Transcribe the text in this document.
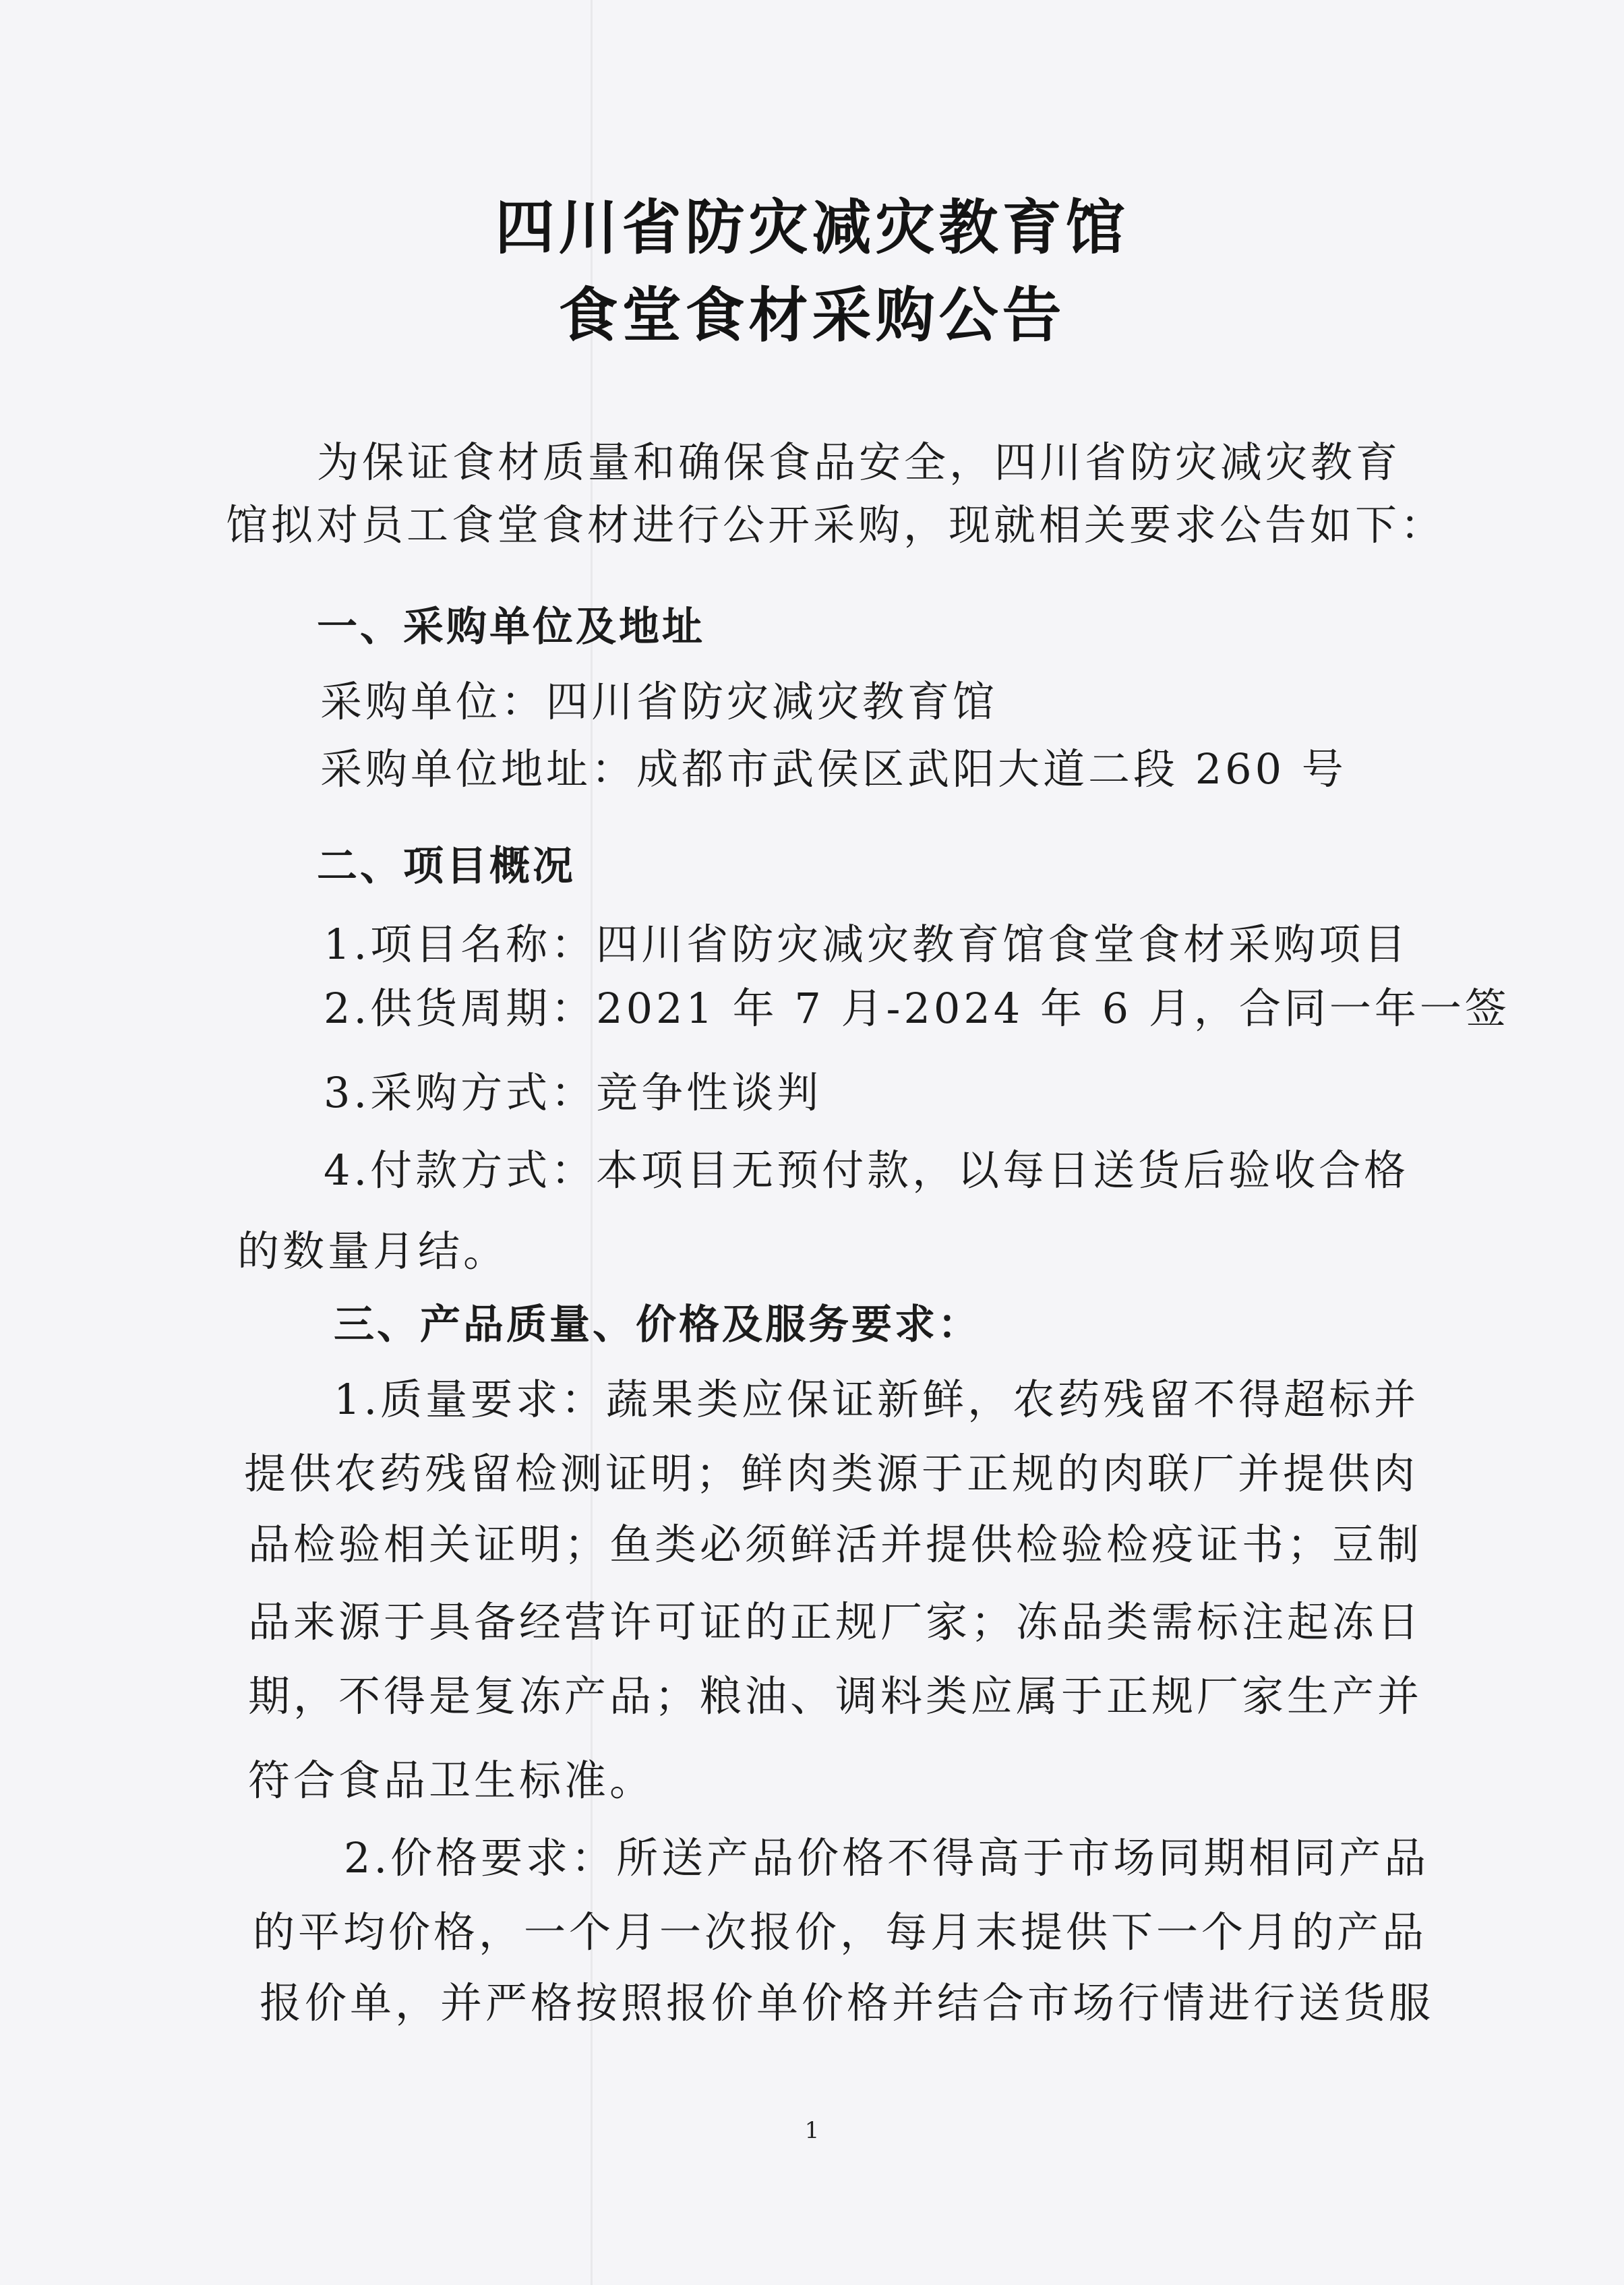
四川省防灾减灾教育馆
食堂食材采购公告
为保证食材质量和确保食品安全，四川省防灾减灾教育
馆拟对员工食堂食材进行公开采购，现就相关要求公告如下：
一、采购单位及地址
采购单位：四川省防灾减灾教育馆
采购单位地址：成都市武侯区武阳大道二段 260 号
二、项目概况
1.项目名称：四川省防灾减灾教育馆食堂食材采购项目
2.供货周期：2021 年 7 月-2024 年 6 月，合同一年一签
3.采购方式：竞争性谈判
4.付款方式：本项目无预付款，以每日送货后验收合格
的数量月结。
三、产品质量、价格及服务要求：
1.质量要求：蔬果类应保证新鲜，农药残留不得超标并
提供农药残留检测证明；鲜肉类源于正规的肉联厂并提供肉
品检验相关证明；鱼类必须鲜活并提供检验检疫证书；豆制
品来源于具备经营许可证的正规厂家；冻品类需标注起冻日
期，不得是复冻产品；粮油、调料类应属于正规厂家生产并
符合食品卫生标准。
2.价格要求：所送产品价格不得高于市场同期相同产品
的平均价格，一个月一次报价，每月末提供下一个月的产品
报价单，并严格按照报价单价格并结合市场行情进行送货服
1
